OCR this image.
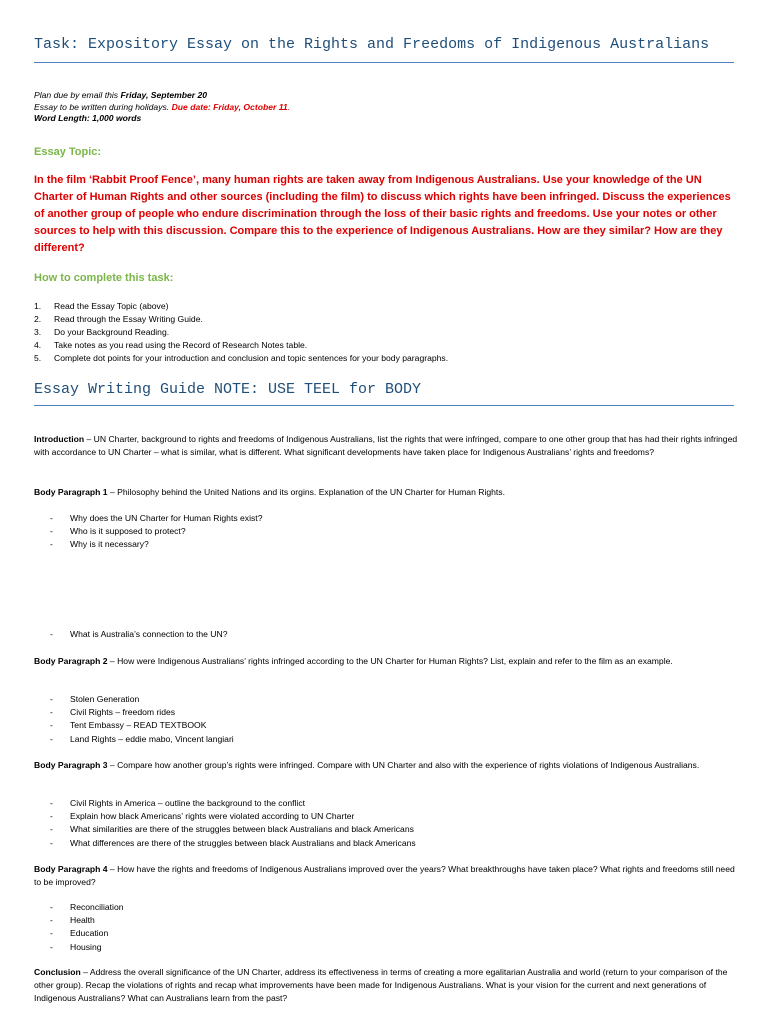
Task: Expository Essay on the Rights and Freedoms of Indigenous Australians
Plan due by email this Friday, September 20
Essay to be written during holidays. Due date: Friday, October 11.
Word Length: 1,000 words
Essay Topic:
In the film ‘Rabbit Proof Fence’, many human rights are taken away from Indigenous Australians. Use your knowledge of the UN Charter of Human Rights and other sources (including the film) to discuss which rights have been infringed. Discuss the experiences of another group of people who endure discrimination through the loss of their basic rights and freedoms. Use your notes or other sources to help with this discussion. Compare this to the experience of Indigenous Australians. How are they similar? How are they different?
How to complete this task:
1. Read the Essay Topic (above)
2. Read through the Essay Writing Guide.
3. Do your Background Reading.
4. Take notes as you read using the Record of Research Notes table.
5. Complete dot points for your introduction and conclusion and topic sentences for your body paragraphs.
Essay Writing Guide NOTE: USE TEEL for BODY
Introduction – UN Charter, background to rights and freedoms of Indigenous Australians, list the rights that were infringed, compare to one other group that has had their rights infringed with accordance to UN Charter – what is similar, what is different. What significant developments have taken place for Indigenous Australians’ rights and freedoms?
Body Paragraph 1 – Philosophy behind the United Nations and its orgins. Explanation of the UN Charter for Human Rights.
- Why does the UN Charter for Human Rights exist?
- Who is it supposed to protect?
- Why is it necessary?
- What is Australia’s connection to the UN?
Body Paragraph 2 – How were Indigenous Australians’ rights infringed according to the UN Charter for Human Rights? List, explain and refer to the film as an example.
- Stolen Generation
- Civil Rights – freedom rides
- Tent Embassy – READ TEXTBOOK
- Land Rights – eddie mabo, Vincent langiari
Body Paragraph 3 – Compare how another group’s rights were infringed. Compare with UN Charter and also with the experience of rights violations of Indigenous Australians.
- Civil Rights in America – outline the background to the conflict
- Explain how black Americans’ rights were violated according to UN Charter
- What similarities are there of the struggles between black Australians and black Americans
- What differences are there of the struggles between black Australians and black Americans
Body Paragraph 4 – How have the rights and freedoms of Indigenous Australians improved over the years? What breakthroughs have taken place? What rights and freedoms still need to be improved?
- Reconciliation
- Health
- Education
- Housing
Conclusion – Address the overall significance of the UN Charter, address its effectiveness in terms of creating a more egalitarian Australia and world (return to your comparison of the other group). Recap the violations of rights and recap what improvements have been made for Indigenous Australians. What is your vision for the current and next generations of Indigenous Australians? What can Australians learn from the past?
